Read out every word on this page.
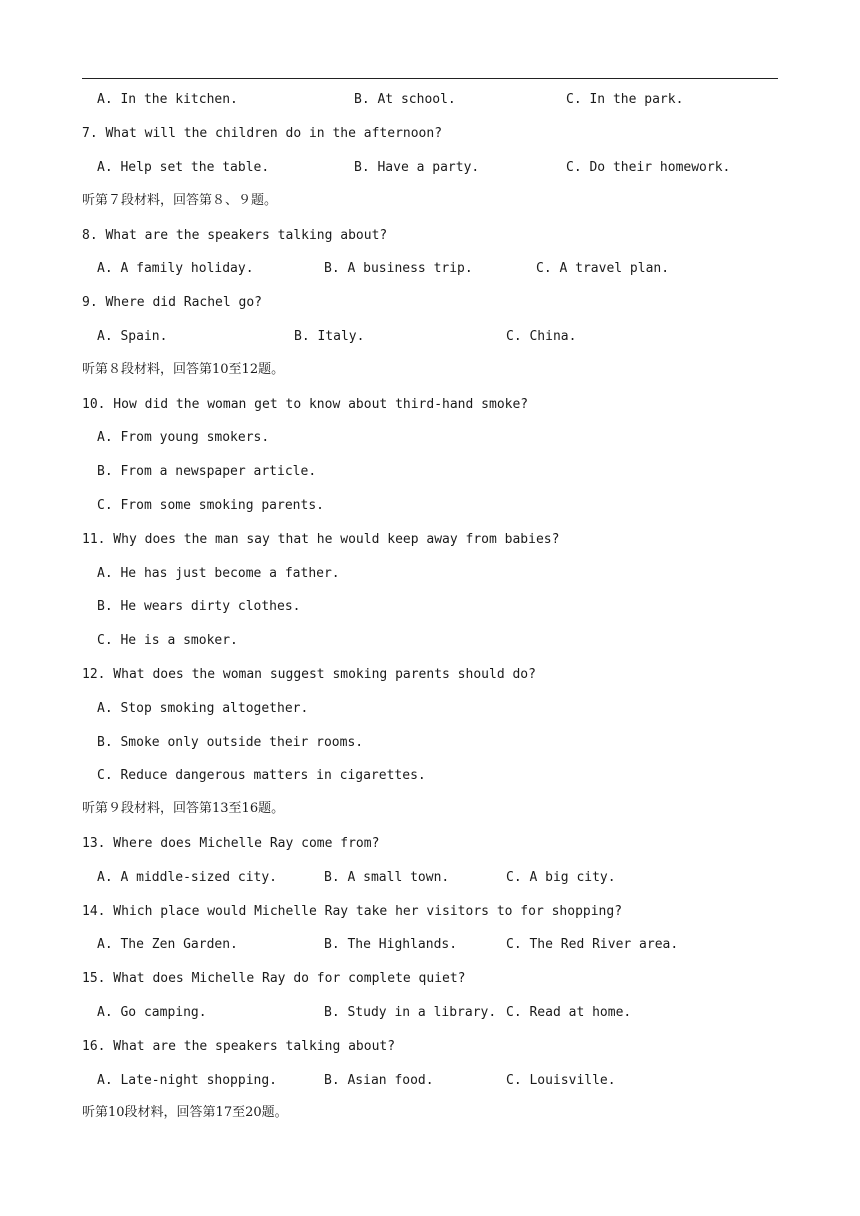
A. In the kitchen.	B. At school.	C. In the park.
7. What will the children do in the afternoon?
A. Help set the table.	B. Have a party.	C. Do their homework.
听第７段材料，回答第８、９题。
8. What are the speakers talking about?
A. A family holiday.	B. A business trip.	C. A travel plan.
9. Where did Rachel go?
A. Spain.	B. Italy.	C. China.
听第８段材料，回答第10至12题。
10. How did the woman get to know about third-hand smoke?
A. From young smokers.
B. From a newspaper article.
C. From some smoking parents.
11. Why does the man say that he would keep away from babies?
A. He has just become a father.
B. He wears dirty clothes.
C. He is a smoker.
12. What does the woman suggest smoking parents should do?
A. Stop smoking altogether.
B. Smoke only outside their rooms.
C. Reduce dangerous matters in cigarettes.
听第９段材料，回答第13至16题。
13. Where does Michelle Ray come from?
A. A middle-sized city.	B. A small town.	C. A big city.
14. Which place would Michelle Ray take her visitors to for shopping?
A. The Zen Garden.	B. The Highlands.	C. The Red River area.
15. What does Michelle Ray do for complete quiet?
A. Go camping.	B. Study in a library. C. Read at home.
16. What are the speakers talking about?
A. Late-night shopping.	B. Asian food.	C. Louisville.
听第10段材料，回答第17至20题。
